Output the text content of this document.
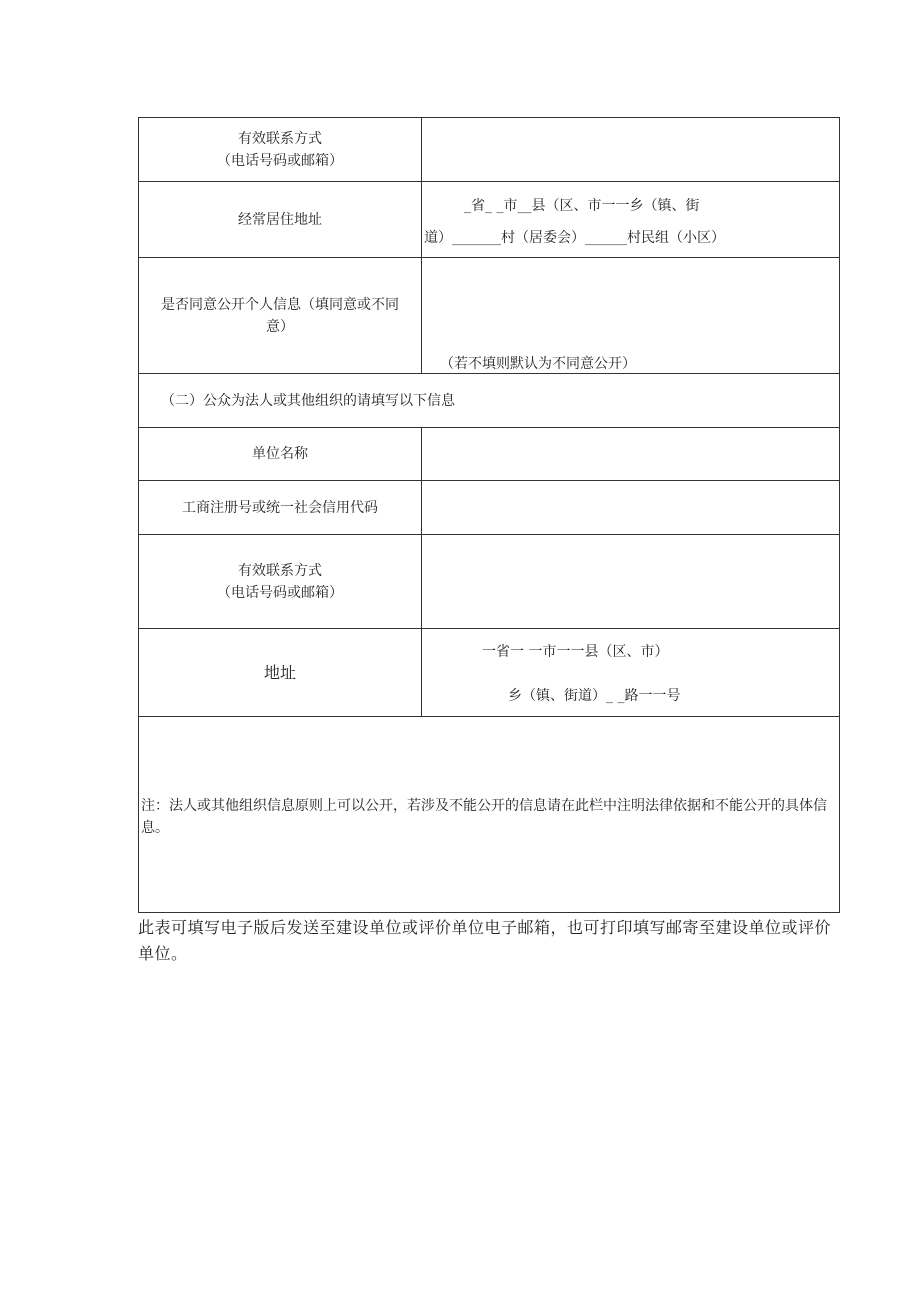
有效联系方式
（电话号码或邮箱）
经常居住地址
_省_ _市__县（区、市一一乡（镇、街
道）_______村（居委会）______村民组（小区）
是否同意公开个人信息（填同意或不同
意）
（若不填则默认为不同意公开）
（二）公众为法人或其他组织的请填写以下信息
单位名称
工商注册号或统一社会信用代码
有效联系方式
（电话号码或邮箱）
地址
一省一 一市一一县（区、市）
乡（镇、街道）_ _路一一号
注：法人或其他组织信息原则上可以公开，若涉及不能公开的信息请在此栏中注明法律依据和不能公开的具体信息。
此表可填写电子版后发送至建设单位或评价单位电子邮箱，也可打印填写邮寄至建设单位或评价单位。
